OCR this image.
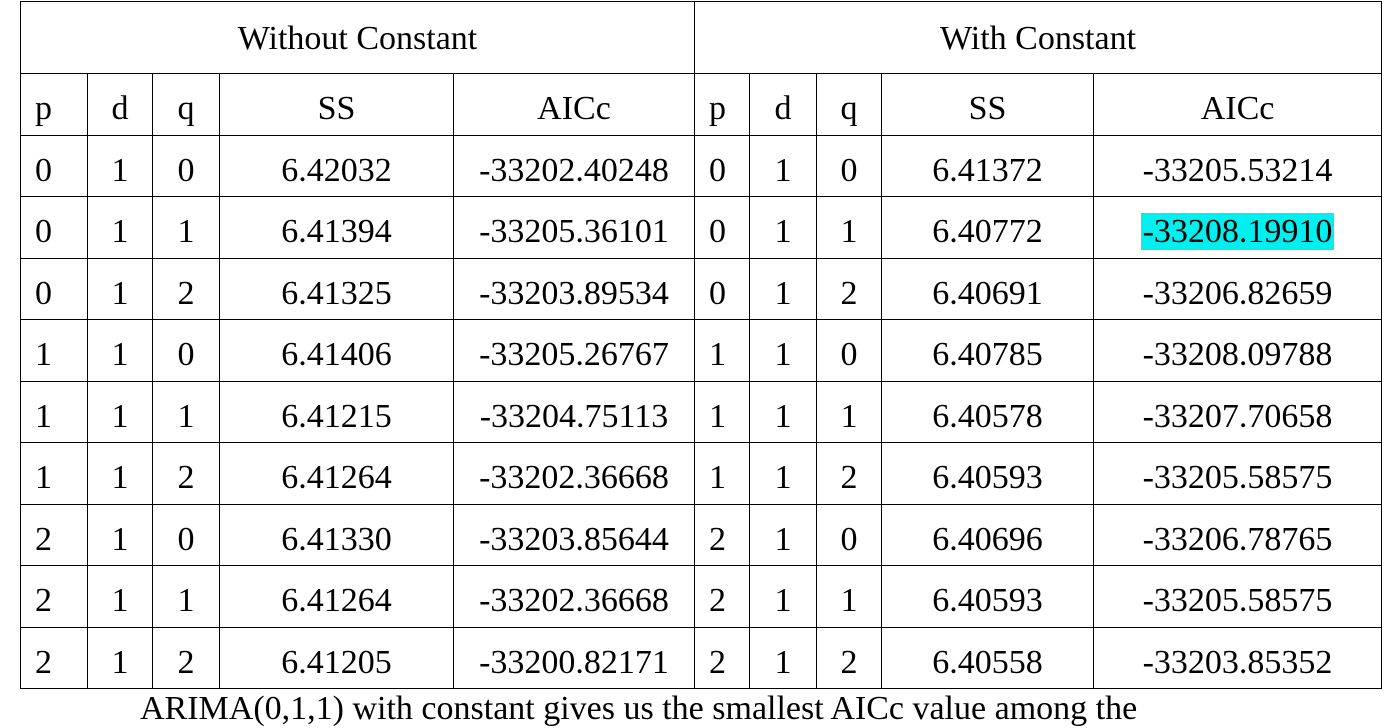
Without Constant					With Constant				
p	d	q	SS	AICc	p	d	q	SS	AICc
0	1	0	6.42032	-33202.40248	0	1	0	6.41372	-33205.53214
0	1	1	6.41394	-33205.36101	0	1	1	6.40772	-33208.19910
0	1	2	6.41325	-33203.89534	0	1	2	6.40691	-33206.82659
1	1	0	6.41406	-33205.26767	1	1	0	6.40785	-33208.09788
1	1	1	6.41215	-33204.75113	1	1	1	6.40578	-33207.70658
1	1	2	6.41264	-33202.36668	1	1	2	6.40593	-33205.58575
2	1	0	6.41330	-33203.85644	2	1	0	6.40696	-33206.78765
2	1	1	6.41264	-33202.36668	2	1	1	6.40593	-33205.58575
2	1	2	6.41205	-33200.82171	2	1	2	6.40558	-33203.85352
ARIMA(0,1,1) with constant gives us the smallest AICc value among the
